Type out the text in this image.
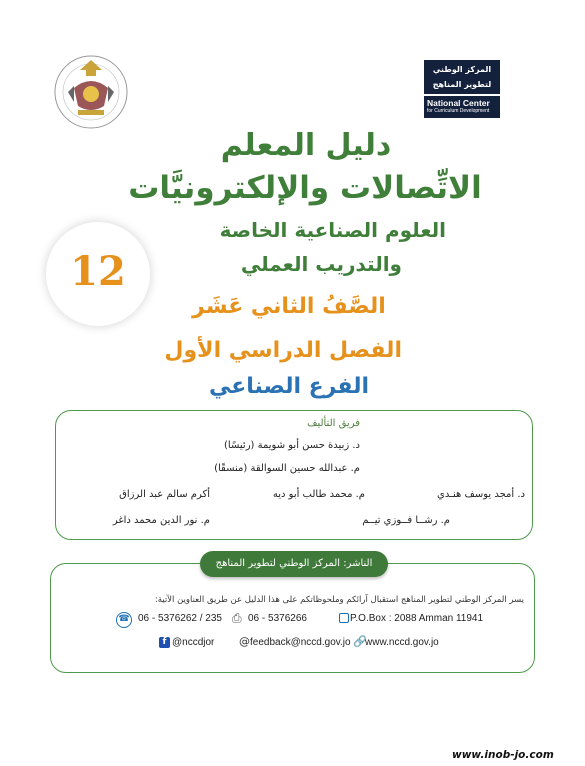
المركز الوطني لتطوير المناهج
National Center
for Curriculum Development
دليل المعلم
الاتِّصالات والإلكترونيَّات
العلوم الصناعية الخاصة
والتدريب العملي
12
الصَّفُ الثاني عَشَر
الفصل الدراسي الأول
الفرع الصناعي
فريق التأليف
د. زبيدة حسن أبو شويمة (رئيسًا)
م. عبدالله حسين السوالقة (منسقًا)
د. أمجد يوسف هنـدي
م. محمد طالب أبو ديه
أكرم سالم عبد الرزاق
م. رشــا فــوزي تيــم
م. نور الدين محمد داغر
الناشر: المركز الوطني لتطوير المناهج
يسر المركز الوطني لتطوير المناهج استقبال آرائكم وملحوظاتكم على هذا الدليل عن طريق العناوين الآتية:
☎ 06 - 5376262 / 235 ⎙ 06 - 5376266	P.O.Box : 2088 Amman 11941
f @nccdjor	@ feedback@nccd.gov.jo 🔗
www.nccd.gov.jo
www.inob-jo.com
